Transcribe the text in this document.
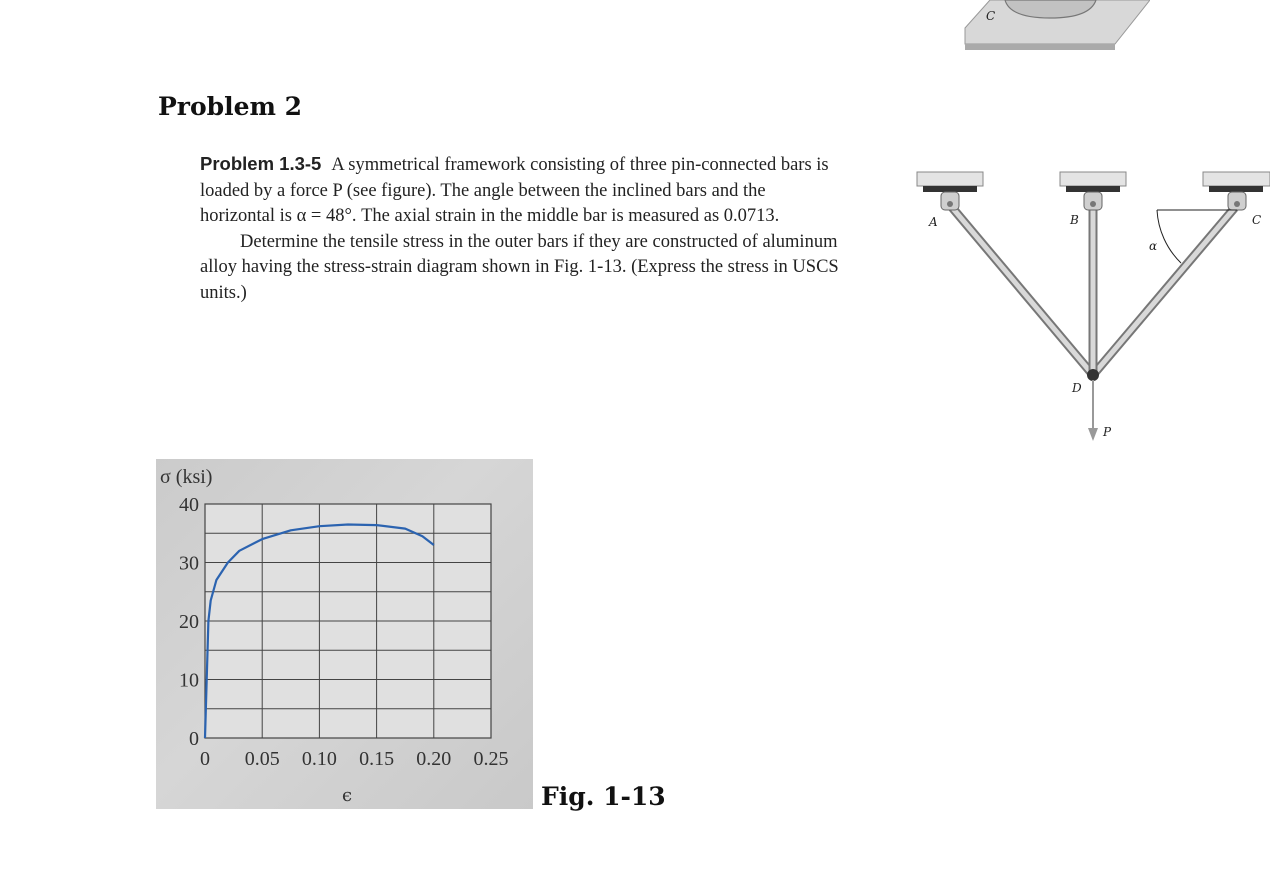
C
Problem 2

Problem 1.3-5 A symmetrical framework consisting of three pin-connected bars is loaded by a force P (see figure). The angle between the inclined bars and the horizontal is α = 48°. The axial strain in the middle bar is measured as 0.0713.

Determine the tensile stress in the outer bars if they are constructed of aluminum alloy having the stress-strain diagram shown in Fig. 1-13. (Express the stress in USCS units.)

A	B	C
α
D
P
0
10
20
30
40
0 0.05 0.10 0.15 0.20 0.25
σ (ksi)
ϵ	Fig. 1-13
